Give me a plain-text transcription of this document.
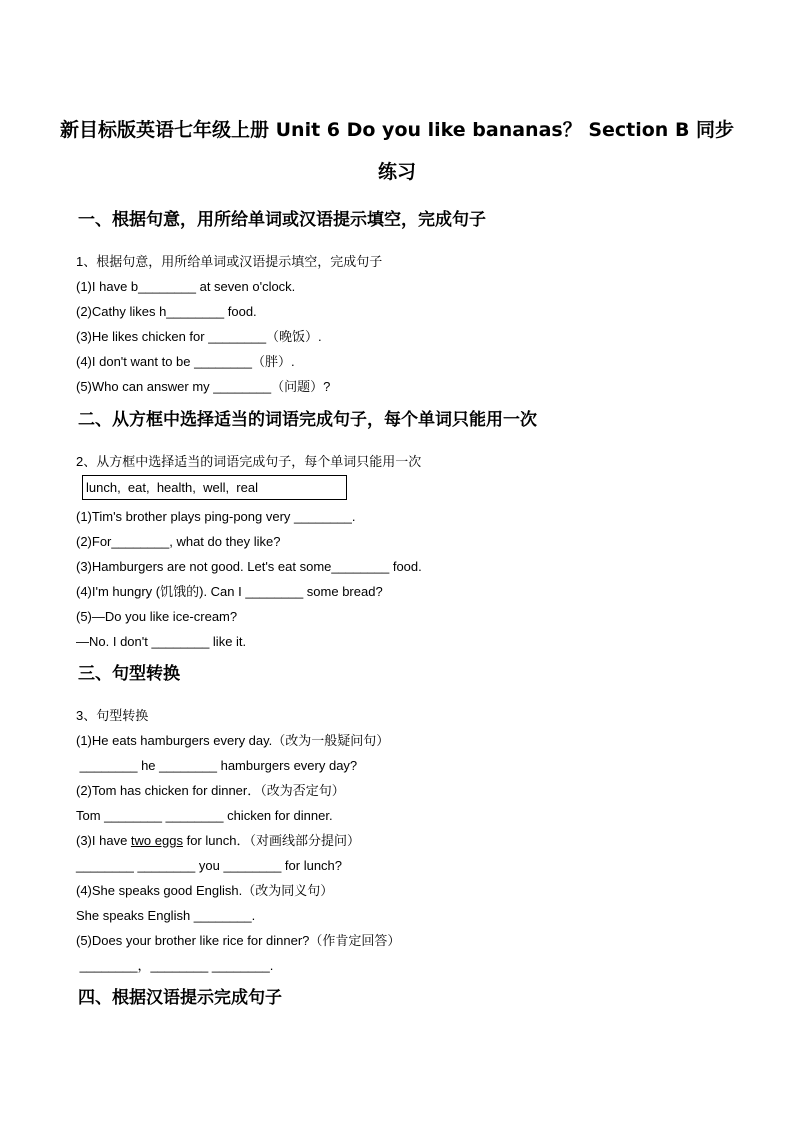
新目标版英语七年级上册 Unit 6 Do you like bananas？ Section B 同步
练习
一、根据句意，用所给单词或汉语提示填空，完成句子
1、根据句意，用所给单词或汉语提示填空，完成句子
(1)I have b________ at seven o'clock.
(2)Cathy likes h________ food.
(3)He likes chicken for ________（晚饭）.
(4)I don't want to be ________（胖）.
(5)Who can answer my ________（问题）?
二、从方框中选择适当的词语完成句子，每个单词只能用一次
2、从方框中选择适当的词语完成句子，每个单词只能用一次
lunch,  eat,  health,  well,  real
(1)Tim's brother plays ping-pong very ________.
(2)For________, what do they like?
(3)Hamburgers are not good. Let's eat some________ food.
(4)I'm hungry (饥饿的). Can I ________ some bread?
(5)—Do you like ice-cream?
—No. I don't ________ like it.
三、句型转换
3、句型转换
(1)He eats hamburgers every day.（改为一般疑问句）
________ he ________ hamburgers every day?
(2)Tom has chicken for dinner．（改为否定句）
Tom ________ ________ chicken for dinner.
(3)I have two eggs for lunch．（对画线部分提问）
________ ________ you ________ for lunch?
(4)She speaks good English.（改为同义句）
She speaks English ________.
(5)Does your brother like rice for dinner?（作肯定回答）
________，________ ________.
四、根据汉语提示完成句子
